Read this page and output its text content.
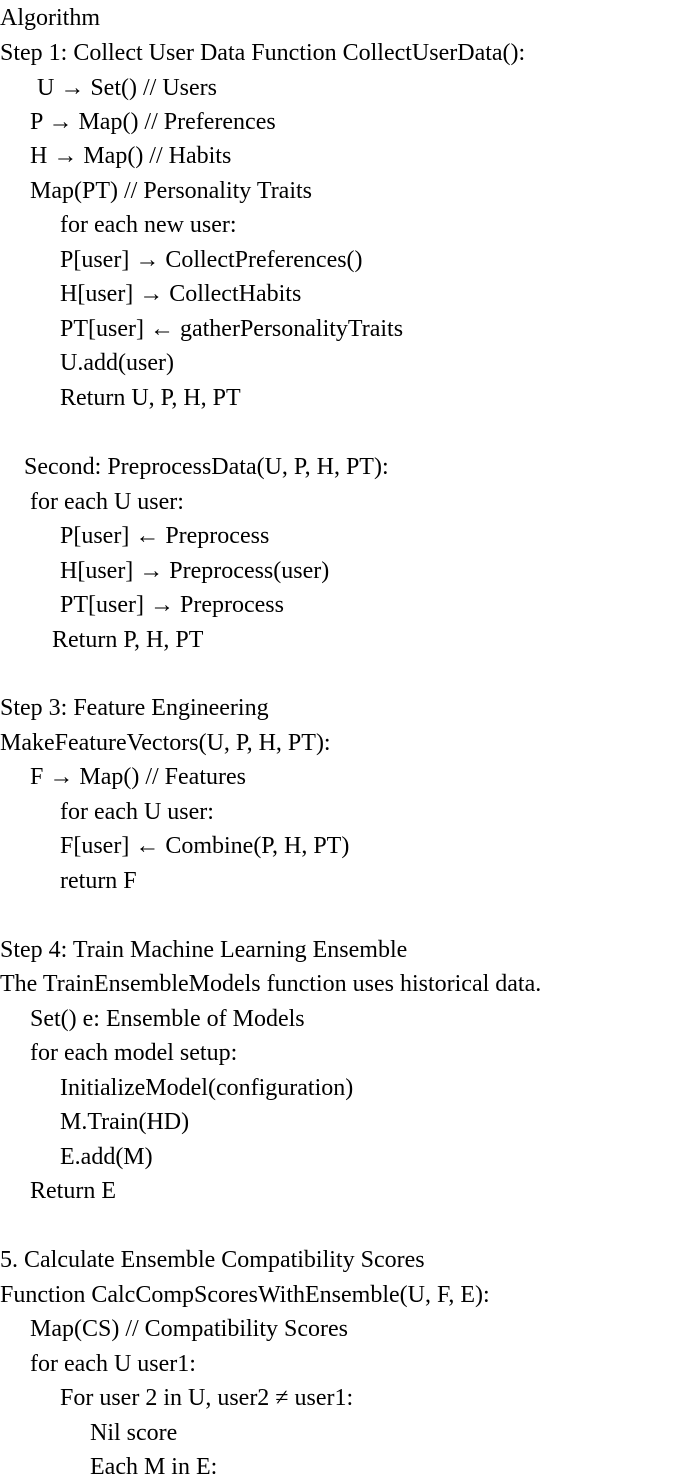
Algorithm
Step 1: Collect User Data Function CollectUserData():
U → Set() // Users
P → Map() // Preferences
H → Map() // Habits
Map(PT) // Personality Traits
for each new user:
P[user] → CollectPreferences()
H[user] → CollectHabits
PT[user] ← gatherPersonalityTraits
U.add(user)
Return U, P, H, PT
Second: PreprocessData(U, P, H, PT):
for each U user:
P[user] ← Preprocess
H[user] → Preprocess(user)
PT[user] → Preprocess
Return P, H, PT
Step 3: Feature Engineering
MakeFeatureVectors(U, P, H, PT):
F → Map() // Features
for each U user:
F[user] ← Combine(P, H, PT)
return F
Step 4: Train Machine Learning Ensemble
The TrainEnsembleModels function uses historical data.
Set() e: Ensemble of Models
for each model setup:
InitializeModel(configuration)
M.Train(HD)
E.add(M)
Return E
5. Calculate Ensemble Compatibility Scores
Function CalcCompScoresWithEnsemble(U, F, E):
Map(CS) // Compatibility Scores
for each U user1:
For user 2 in U, user2 ≠ user1:
Nil score
Each M in E:
